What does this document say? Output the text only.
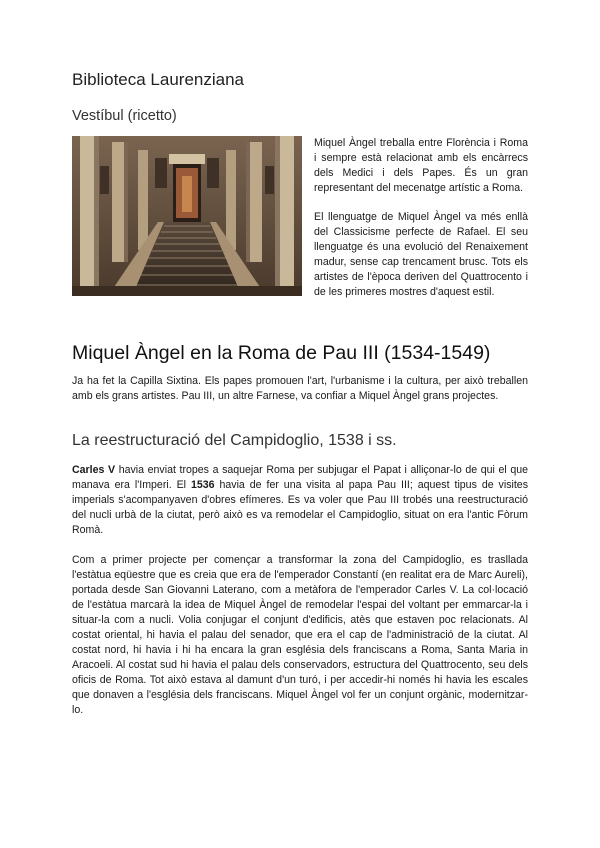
Biblioteca Laurenziana
Vestíbul (ricetto)

Miquel Àngel treballa entre Florència i Roma i sempre està relacionat amb els encàrrecs dels Medici i dels Papes. És un gran representant del mecenatge artístic a Roma.

El llenguatge de Miquel Àngel va més enllà del Classicisme perfecte de Rafael. El seu llenguatge és una evolució del Renaixement madur, sense cap trencament brusc. Tots els artistes de l'època deriven del Quattrocento i de les primeres mostres d'aquest estil.

Miquel Àngel en la Roma de Pau III (1534-1549)

Ja ha fet la Capilla Sixtina. Els papes promouen l'art, l'urbanisme i la cultura, per això treballen amb els grans artistes. Pau III, un altre Farnese, va confiar a Miquel Àngel grans projectes.

La reestructuració del Campidoglio, 1538 i ss.

Carles V havia enviat tropes a saquejar Roma per subjugar el Papat i alliçonar-lo de qui el que manava era l'Imperi. El 1536 havia de fer una visita al papa Pau III; aquest tipus de visites imperials s'acompanyaven d'obres efímeres. Es va voler que Pau III trobés una reestructuració del nucli urbà de la ciutat, però això es va remodelar el Campidoglio, situat on era l'antic Fòrum Romà.

Com a primer projecte per començar a transformar la zona del Campidoglio, es trasllada l'estàtua eqüestre que es creia que era de l'emperador Constantí (en realitat era de Marc Aureli), portada desde San Giovanni Laterano, com a metàfora de l'emperador Carles V. La col·locació de l'estàtua marcarà la idea de Miquel Àngel de remodelar l'espai del voltant per emmarcar-la i situar-la com a nucli. Volia conjugar el conjunt d'edificis, atès que estaven poc relacionats. Al costat oriental, hi havia el palau del senador, que era el cap de l'administració de la ciutat. Al costat nord, hi havia i hi ha encara la gran església dels franciscans a Roma, Santa Maria in Aracoeli. Al costat sud hi havia el palau dels conservadors, estructura del Quattrocento, seu dels oficis de Roma. Tot això estava al damunt d'un turó, i per accedir-hi només hi havia les escales que donaven a l'església dels franciscans. Miquel Àngel vol fer un conjunt orgànic, modernitzar-lo.
